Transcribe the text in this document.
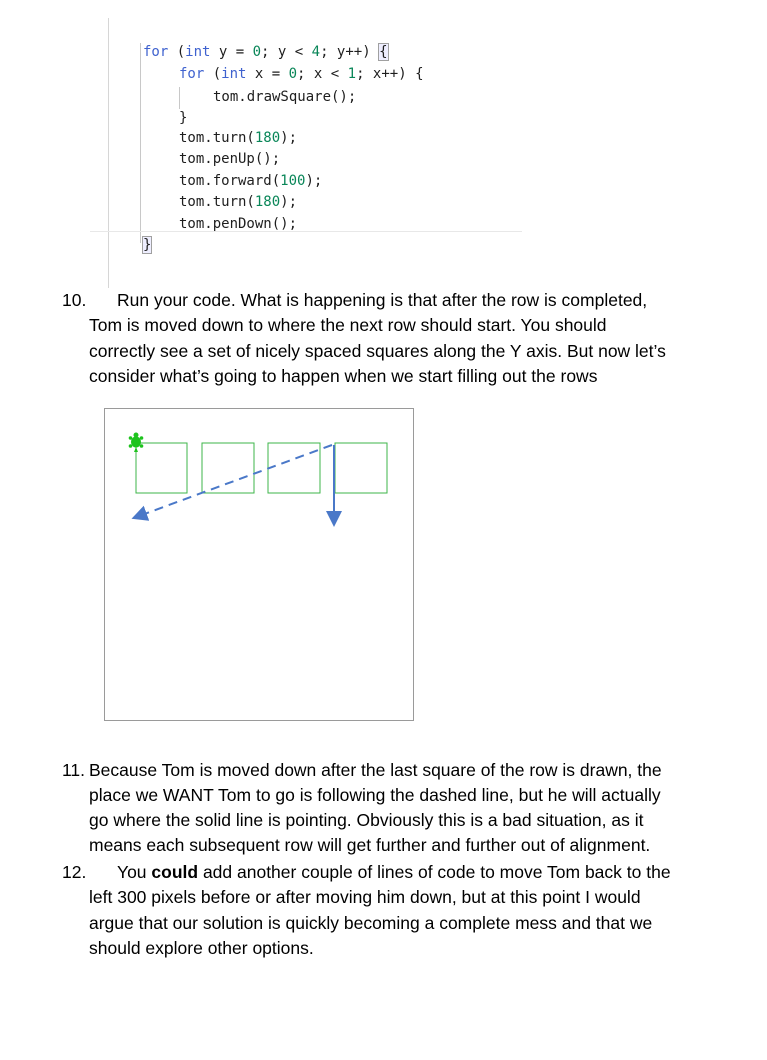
for (int y = 0; y < 4; y++) {
for (int x = 0; x < 1; x++) {
tom.drawSquare();
}
tom.turn(180);
tom.penUp();
tom.forward(100);
tom.turn(180);
tom.penDown();
}
10. Run your code. What is happening is that after the row is completed,
Tom is moved down to where the next row should start. You should
correctly see a set of nicely spaced squares along the Y axis. But now let’s
consider what’s going to happen when we start filling out the rows
11. Because Tom is moved down after the last square of the row is drawn, the
place we WANT Tom to go is following the dashed line, but he will actually
go where the solid line is pointing. Obviously this is a bad situation, as it
means each subsequent row will get further and further out of alignment.
12. You could add another couple of lines of code to move Tom back to the
left 300 pixels before or after moving him down, but at this point I would
argue that our solution is quickly becoming a complete mess and that we
should explore other options.
